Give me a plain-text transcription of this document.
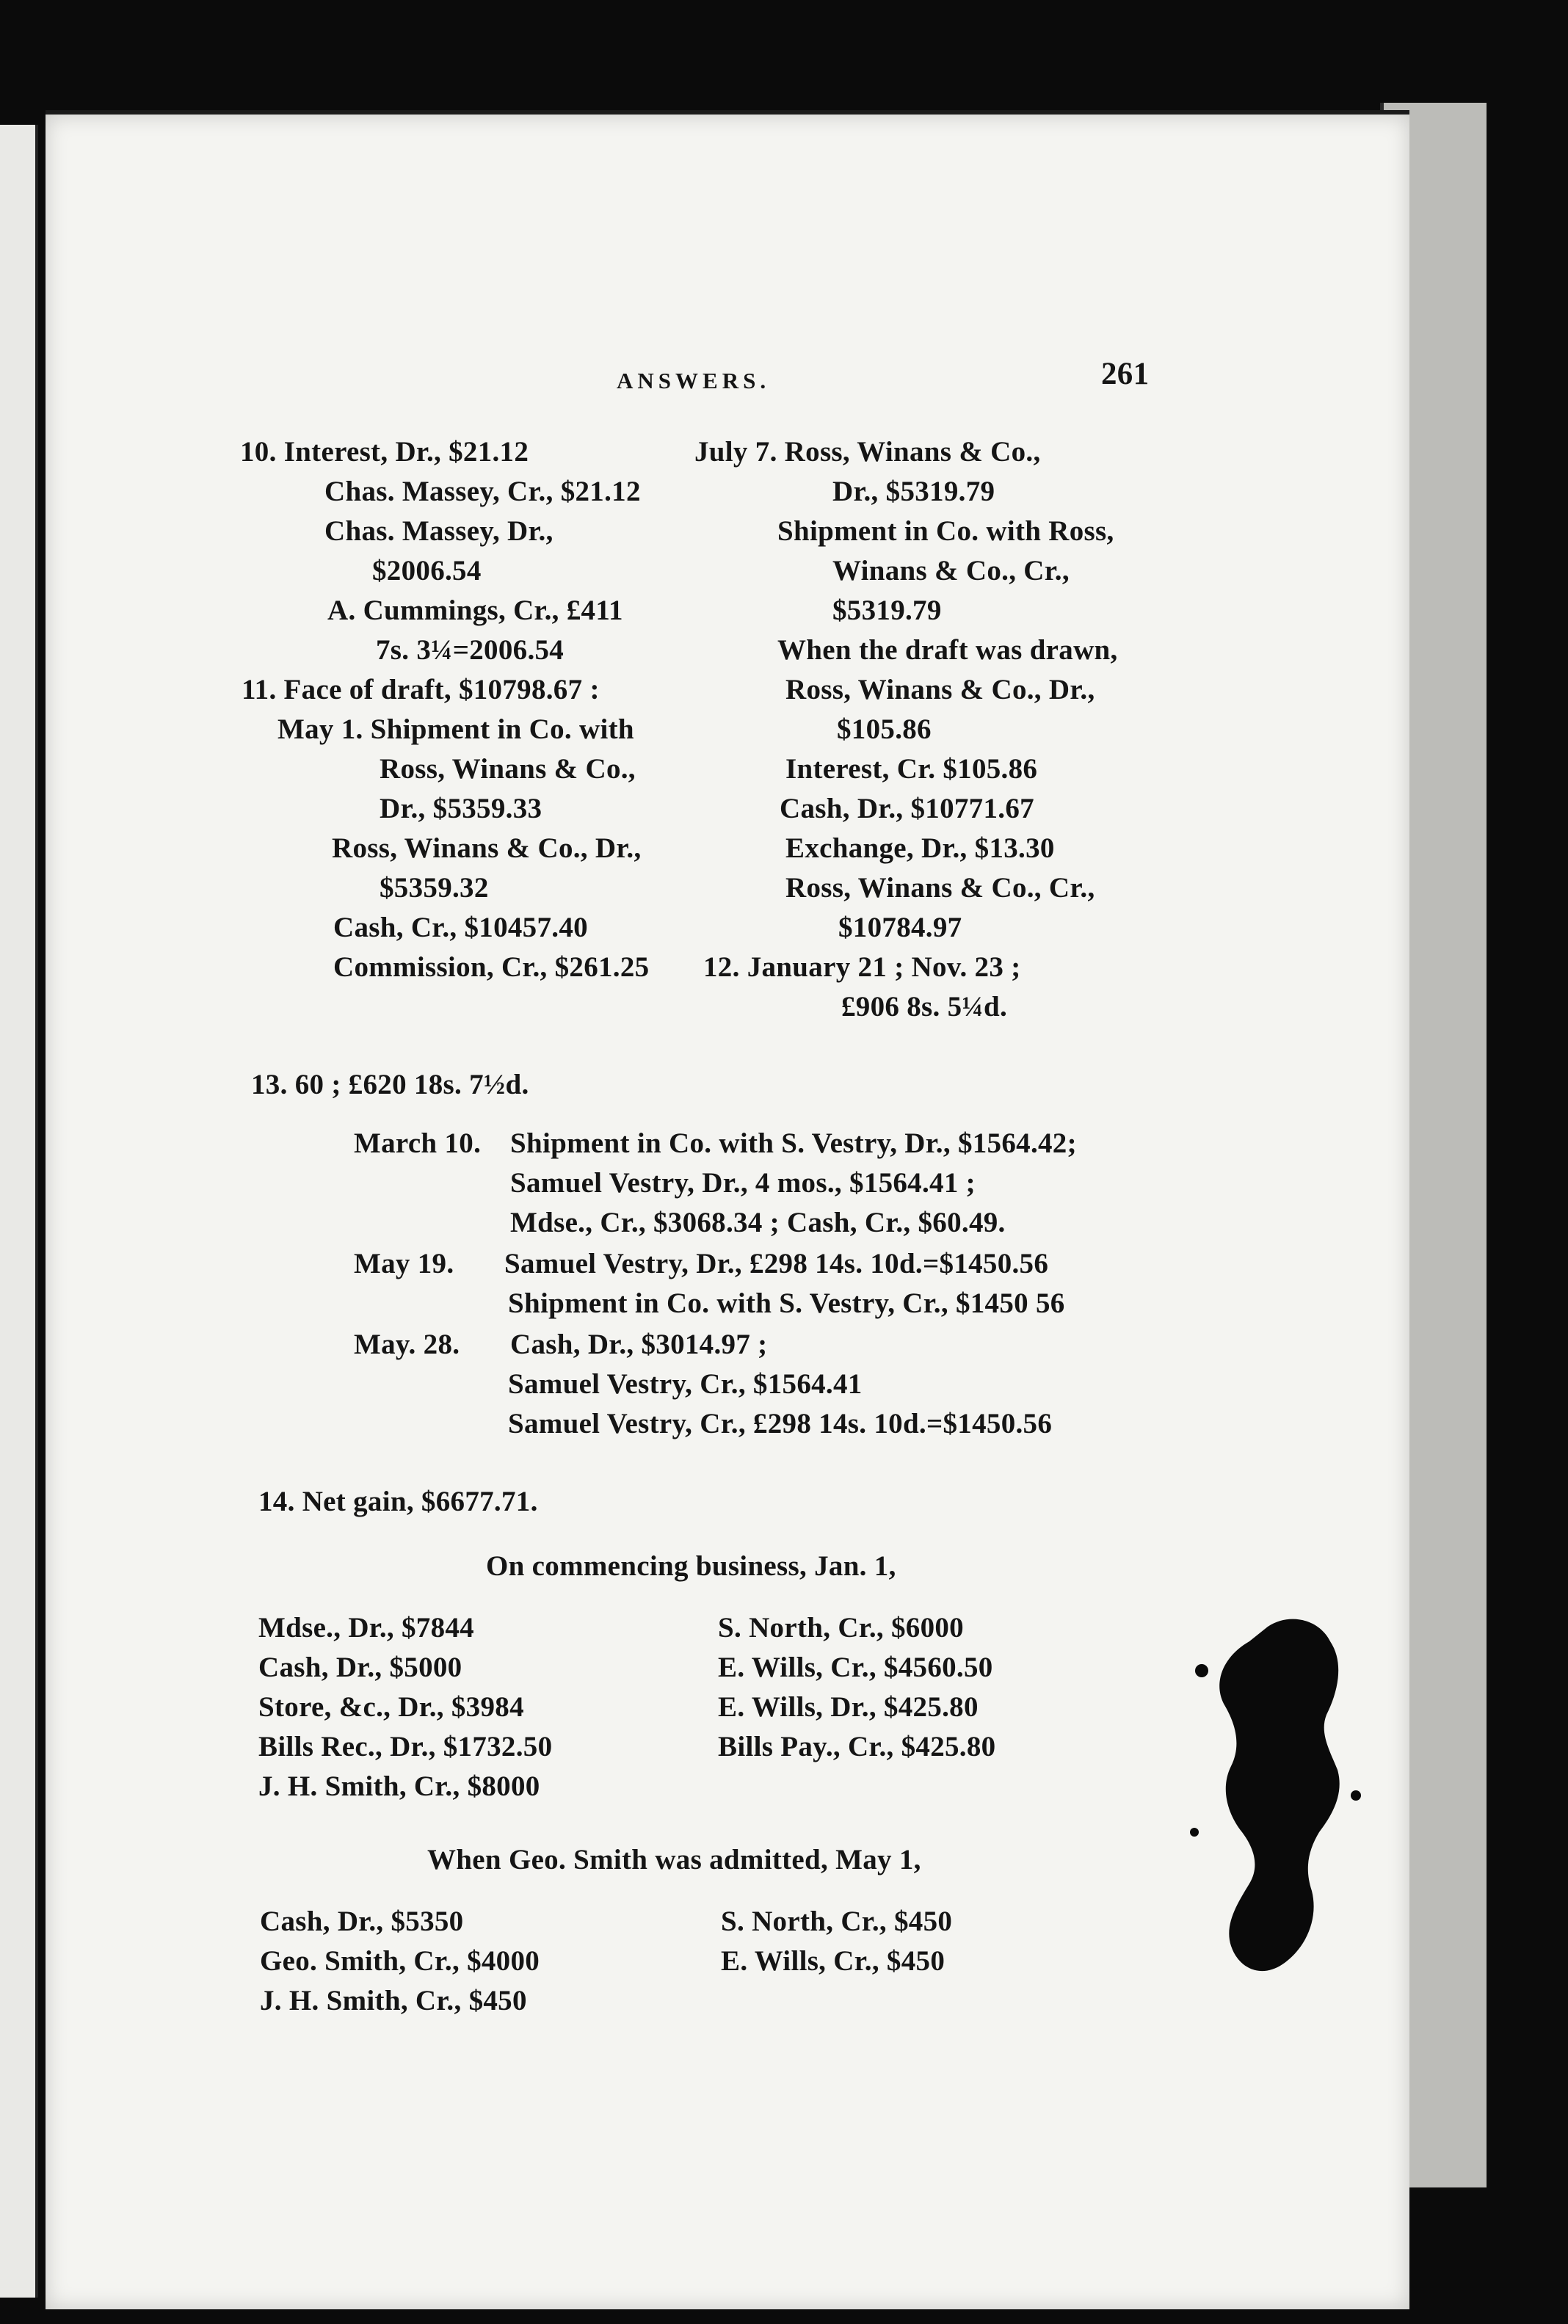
ANSWERS.	261
10. Interest, Dr., $21.12
Chas. Massey, Cr., $21.12
Chas. Massey, Dr.,
$2006.54
A. Cummings, Cr., £411
7s. 3¼=2006.54
11. Face of draft, $10798.67 :
May 1. Shipment in Co. with
Ross, Winans & Co.,
Dr., $5359.33
Ross, Winans & Co., Dr.,
$5359.32
Cash, Cr., $10457.40
Commission, Cr., $261.25
July 7. Ross, Winans & Co.,
Dr., $5319.79
Shipment in Co. with Ross,
Winans & Co., Cr.,
$5319.79
When the draft was drawn,
Ross, Winans & Co., Dr.,
$105.86
Interest, Cr. $105.86
Cash, Dr., $10771.67
Exchange, Dr., $13.30
Ross, Winans & Co., Cr.,
$10784.97
12. January 21 ; Nov. 23 ;
£906 8s. 5¼d.
13. 60 ; £620 18s. 7½d.
March 10. Shipment in Co. with S. Vestry, Dr., $1564.42;
Samuel Vestry, Dr., 4 mos., $1564.41 ;
Mdse., Cr., $3068.34 ; Cash, Cr., $60.49.
May 19. Samuel Vestry, Dr., £298 14s. 10d.=$1450.56
Shipment in Co. with S. Vestry, Cr., $1450 56
May. 28. Cash, Dr., $3014.97 ;
Samuel Vestry, Cr., $1564.41
Samuel Vestry, Cr., £298 14s. 10d.=$1450.56
14. Net gain, $6677.71.
On commencing business, Jan. 1,
Mdse., Dr., $7844
Cash, Dr., $5000
Store, &c., Dr., $3984
Bills Rec., Dr., $1732.50
J. H. Smith, Cr., $8000
S. North, Cr., $6000
E. Wills, Cr., $4560.50
E. Wills, Dr., $425.80
Bills Pay., Cr., $425.80
When Geo. Smith was admitted, May 1,
Cash, Dr., $5350
Geo. Smith, Cr., $4000
J. H. Smith, Cr., $450
S. North, Cr., $450
E. Wills, Cr., $450
